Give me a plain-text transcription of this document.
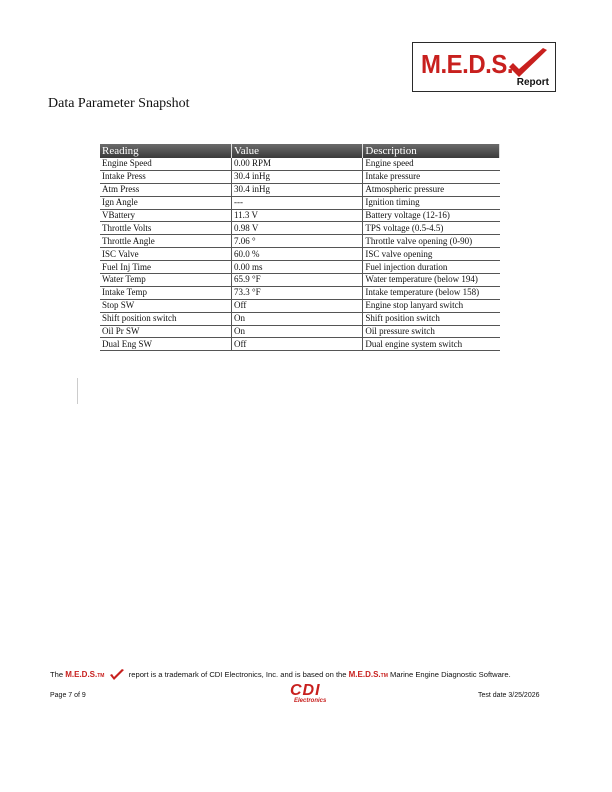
M.E.D.S.
Report
Data Parameter Snapshot
Reading	Value	Description
Engine Speed	0.00 RPM	Engine speed
Intake Press	30.4 inHg	Intake pressure
Atm Press	30.4 inHg	Atmospheric pressure
Ign Angle	---	Ignition timing
VBattery	11.3 V	Battery voltage (12-16)
Throttle Volts	0.98 V	TPS voltage (0.5-4.5)
Throttle Angle	7.06 °	Throttle valve opening (0-90)
ISC Valve	60.0 %	ISC valve opening
Fuel Inj Time	0.00 ms	Fuel injection duration
Water Temp	65.9 °F	Water temperature (below 194)
Intake Temp	73.3 °F	Intake temperature (below 158)
Stop SW	Off	Engine stop lanyard switch
Shift position switch	On	Shift position switch
Oil Pr SW	On	Oil pressure switch
Dual Eng SW	Off	Dual engine system switch
The M.E.D.S.TM	report is a trademark of CDI Electronics, Inc. and is based on the M.E.D.S.TM Marine Engine Diagnostic Software.
Page 7 of 9	CDI
Electronics
Test date 3/25/2026
